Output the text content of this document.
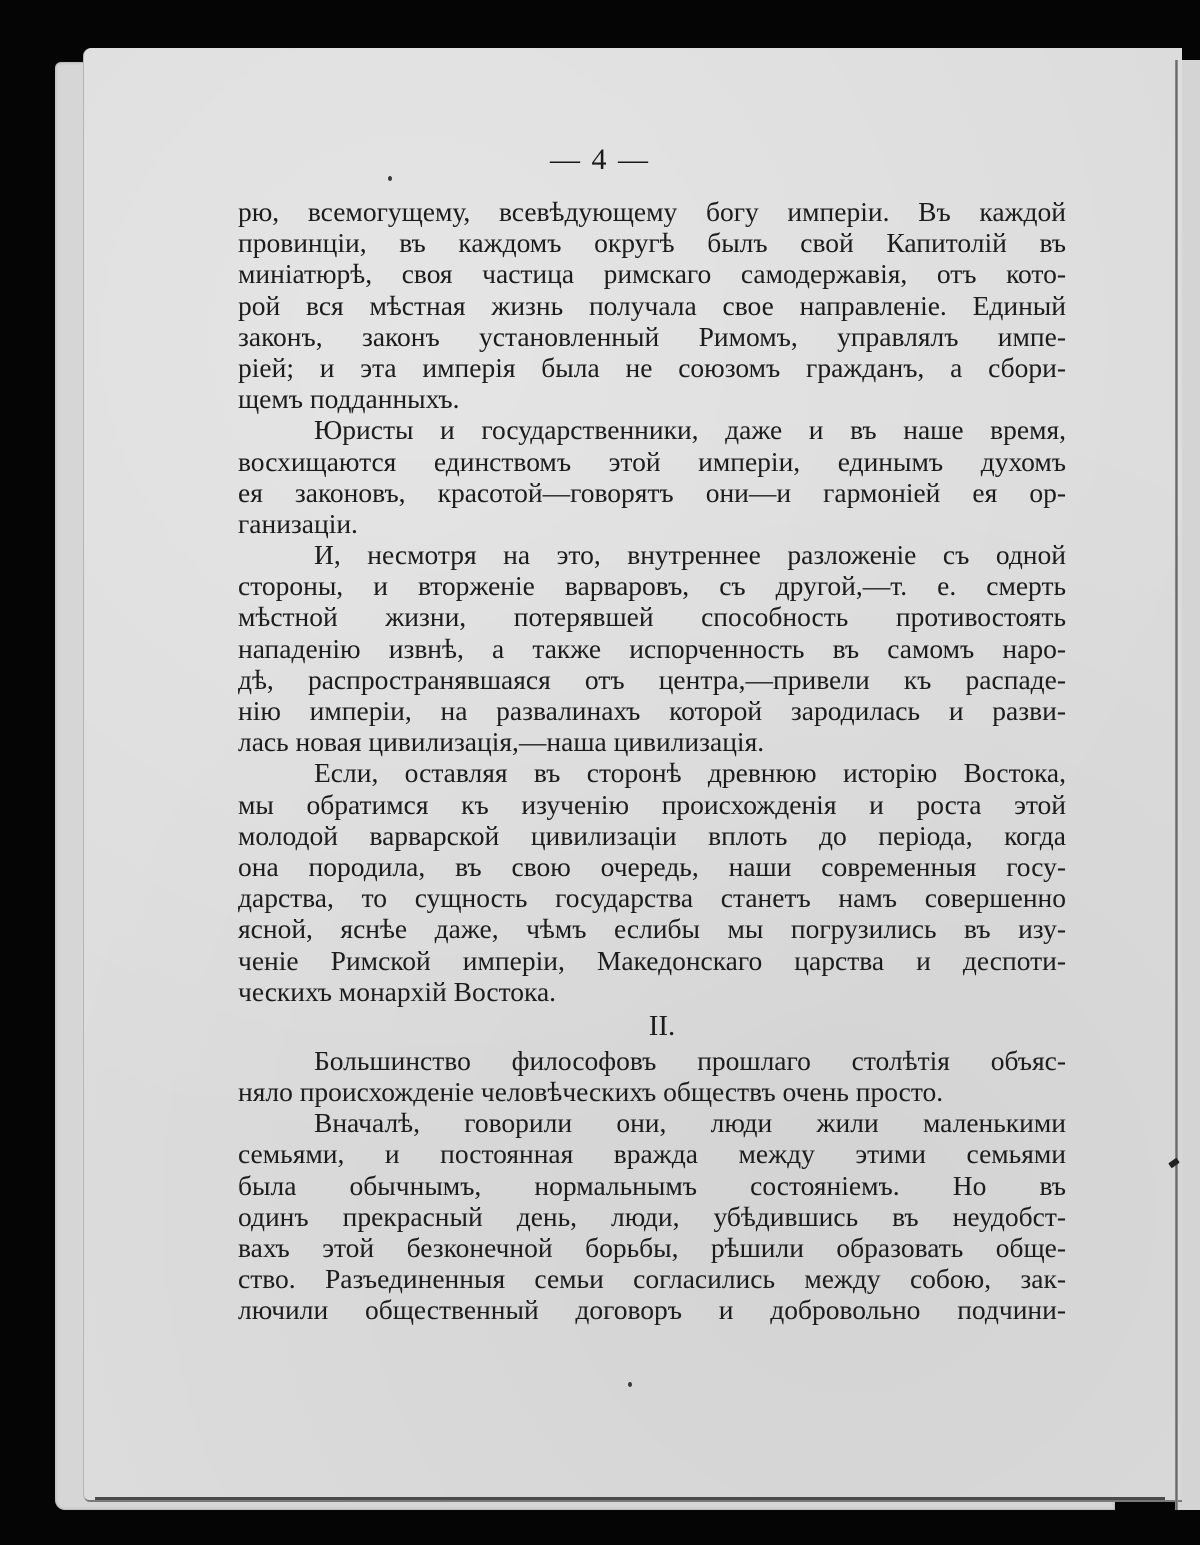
— 4 —
рю, всемогущему, всевѣдующему богу имперіи. Въ каждой
провинціи, въ каждомъ округѣ былъ свой Капитолій въ
миніатюрѣ, своя частица римскаго самодержавія, отъ кото-
рой вся мѣстная жизнь получала свое направленіе. Единый
законъ, законъ установленный Римомъ, управлялъ импе-
ріей; и эта имперія была не союзомъ гражданъ, а сбори-
щемъ подданныхъ.
Юристы и государственники, даже и въ наше время,
восхищаются единствомъ этой имперіи, единымъ духомъ
ея законовъ, красотой—говорятъ они—и гармоніей ея ор-
ганизаціи.
И, несмотря на это, внутреннее разложеніе съ одной
стороны, и вторженіе варваровъ, съ другой,—т. е. смерть
мѣстной жизни, потерявшей способность противостоять
нападенію извнѣ, а также испорченность въ самомъ наро-
дѣ, распространявшаяся отъ центра,—привели къ распаде-
нію имперіи, на развалинахъ которой зародилась и разви-
лась новая цивилизація,—наша цивилизація.
Если, оставляя въ сторонѣ древнюю исторію Востока,
мы обратимся къ изученію происхожденія и роста этой
молодой варварской цивилизаціи вплоть до періода, когда
она породила, въ свою очередь, наши современныя госу-
дарства, то сущность государства станетъ намъ совершенно
ясной, яснѣе даже, чѣмъ еслибы мы погрузились въ изу-
ченіе Римской имперіи, Македонскаго царства и деспоти-
ческихъ монархій Востока.
II.
Большинство философовъ прошлаго столѣтія объяс-
няло происхожденіе человѣческихъ обществъ очень просто.
Вначалѣ, говорили они, люди жили маленькими
семьями, и постоянная вражда между этими семьями
была обычнымъ, нормальнымъ состояніемъ. Но въ
одинъ прекрасный день, люди, убѣдившись въ неудобст-
вахъ этой безконечной борьбы, рѣшили образовать обще-
ство. Разъединенныя семьи согласились между собою, зак-
лючили общественный договоръ и добровольно подчини-
